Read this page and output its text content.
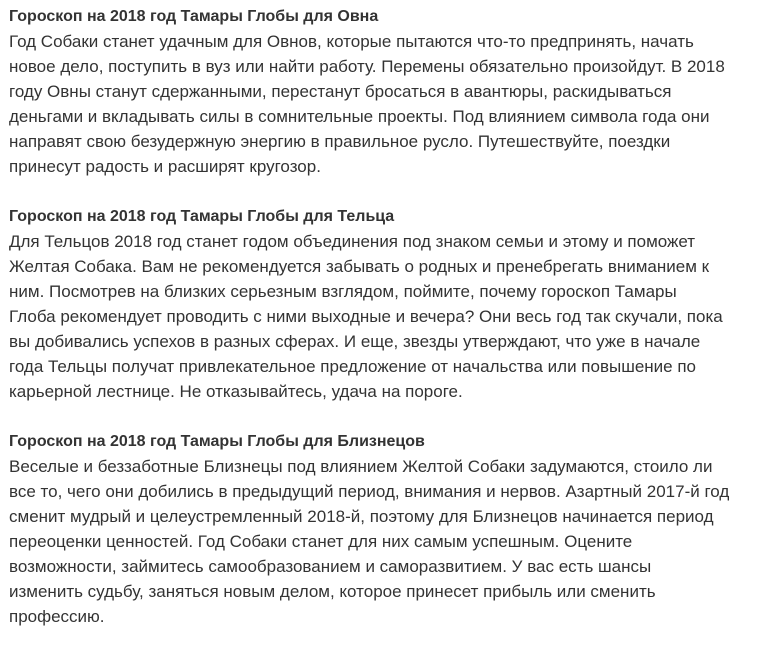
Гороскоп на 2018 год Тамары Глобы для Овна

Год Собаки станет удачным для Овнов, которые пытаются что-то предпринять, начать
новое дело, поступить в вуз или найти работу. Перемены обязательно произойдут. В 2018
году Овны станут сдержанными, перестанут бросаться в авантюры, раскидываться
деньгами и вкладывать силы в сомнительные проекты. Под влиянием символа года они
направят свою безудержную энергию в правильное русло. Путешествуйте, поездки
принесут радость и расширят кругозор.

Гороскоп на 2018 год Тамары Глобы для Тельца

Для Тельцов 2018 год станет годом объединения под знаком семьи и этому и поможет
Желтая Собака. Вам не рекомендуется забывать о родных и пренебрегать вниманием к
ним. Посмотрев на близких серьезным взглядом, поймите, почему гороскоп Тамары
Глоба рекомендует проводить с ними выходные и вечера? Они весь год так скучали, пока
вы добивались успехов в разных сферах. И еще, звезды утверждают, что уже в начале
года Тельцы получат привлекательное предложение от начальства или повышение по
карьерной лестнице. Не отказывайтесь, удача на пороге.

Гороскоп на 2018 год Тамары Глобы для Близнецов

Веселые и беззаботные Близнецы под влиянием Желтой Собаки задумаются, стоило ли
все то, чего они добились в предыдущий период, внимания и нервов. Азартный 2017-й год
сменит мудрый и целеустремленный 2018-й, поэтому для Близнецов начинается период
переоценки ценностей. Год Собаки станет для них самым успешным. Оцените
возможности, займитесь самообразованием и саморазвитием. У вас есть шансы
изменить судьбу, заняться новым делом, которое принесет прибыль или сменить
профессию.
